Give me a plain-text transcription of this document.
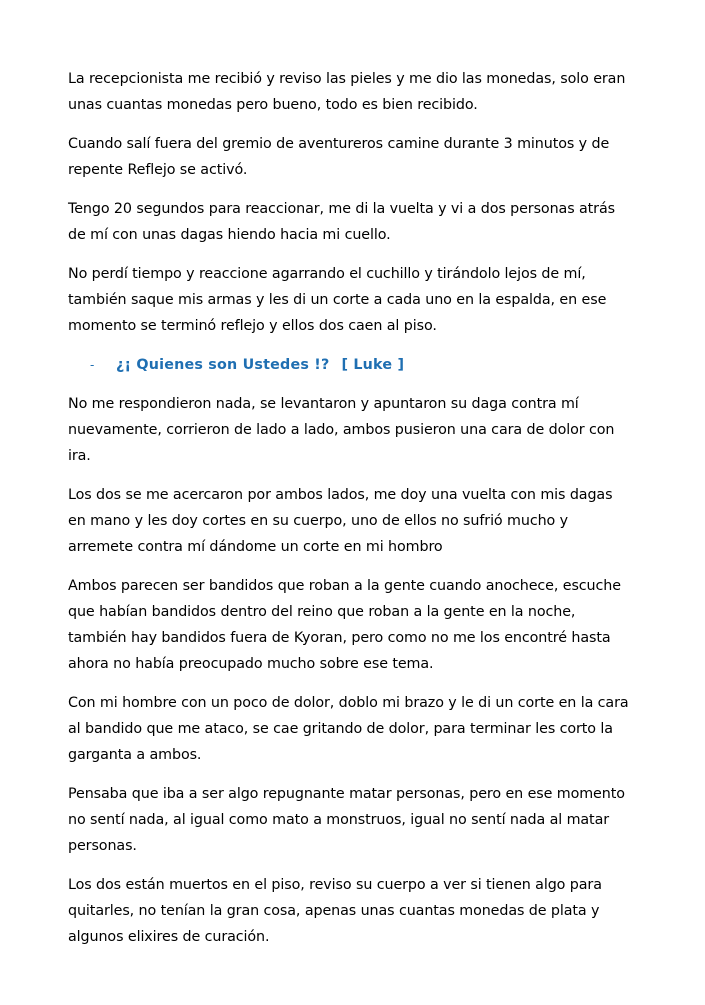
La recepcionista me recibió y reviso las pieles y me dio las monedas, solo eran unas cuantas monedas pero bueno, todo es bien recibido.

Cuando salí fuera del gremio de aventureros camine durante 3 minutos y de repente Reflejo se activó.

Tengo 20 segundos para reaccionar, me di la vuelta y vi a dos personas atrás de mí con unas dagas hiendo hacia mi cuello.

No perdí tiempo y reaccione agarrando el cuchillo y tirándolo lejos de mí, también saque mis armas y les di un corte a cada uno en la espalda, en ese momento se terminó reflejo y ellos dos caen al piso.

-	¿¡ Quienes son Ustedes !? [ Luke ]

No me respondieron nada, se levantaron y apuntaron su daga contra mí nuevamente, corrieron de lado a lado, ambos pusieron una cara de dolor con ira.

Los dos se me acercaron por ambos lados, me doy una vuelta con mis dagas en mano y les doy cortes en su cuerpo, uno de ellos no sufrió mucho y arremete contra mí dándome un corte en mi hombro

Ambos parecen ser bandidos que roban a la gente cuando anochece, escuche que habían bandidos dentro del reino que roban a la gente en la noche, también hay bandidos fuera de Kyoran, pero como no me los encontré hasta ahora no había preocupado mucho sobre ese tema.

Con mi hombre con un poco de dolor, doblo mi brazo y le di un corte en la cara al bandido que me ataco, se cae gritando de dolor, para terminar les corto la garganta a ambos.

Pensaba que iba a ser algo repugnante matar personas, pero en ese momento no sentí nada, al igual como mato a monstruos, igual no sentí nada al matar personas.

Los dos están muertos en el piso, reviso su cuerpo a ver si tienen algo para quitarles, no tenían la gran cosa, apenas unas cuantas monedas de plata y algunos elixires de curación.
